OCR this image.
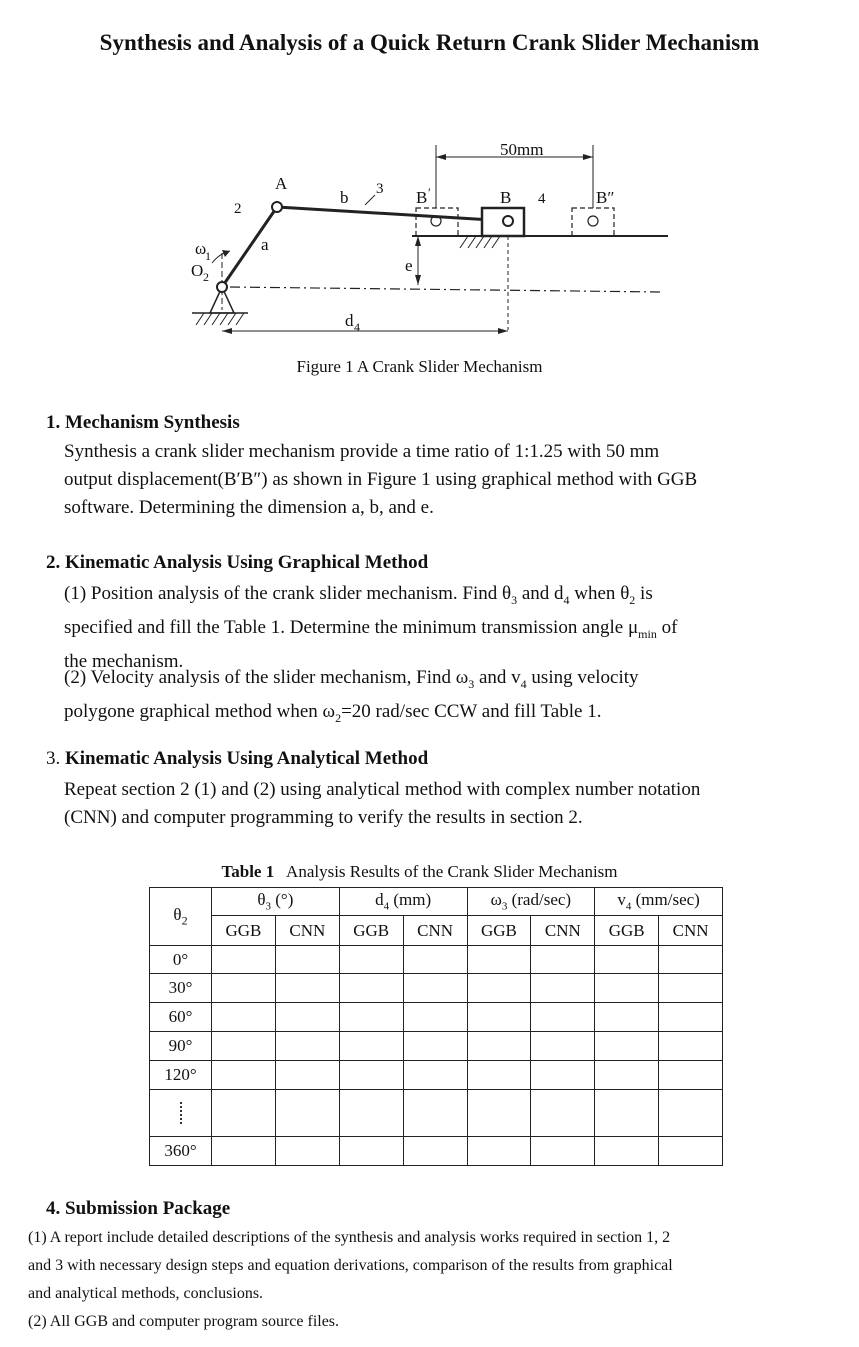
Synthesis and Analysis of a Quick Return Crank Slider Mechanism
50mm
A
b 3
2
a
ω
1
O 2
B ′	B 4	B″
e
d 4
Figure 1 A Crank Slider Mechanism
1. Mechanism Synthesis
Synthesis a crank slider mechanism provide a time ratio of 1:1.25 with 50 mm
output displacement(B′B″) as shown in Figure 1 using graphical method with GGB
software. Determining the dimension a, b, and e.
2. Kinematic Analysis Using Graphical Method
(1) Position analysis of the crank slider mechanism. Find $\theta_3$ and $d_4$ when $\theta_2$ is
specified and fill the Table 1. Determine the minimum transmission angle $\mu_{min}$ of
the mechanism.
(2) Velocity analysis of the slider mechanism, Find $\omega_3$ and $v_4$ using velocity
polygone graphical method when $\omega_2=20$ rad/sec CCW and fill Table 1.
3. Kinematic Analysis Using Analytical Method
Repeat section 2 (1) and (2) using analytical method with complex number notation
(CNN) and computer programming to verify the results in section 2.
Table 1 Analysis Results of the Crank Slider Mechanism
$\theta_2$	$\theta_3$ (°)		$d_4$ (mm)		$\omega_3$ (rad/sec)		$v_4$ (mm/sec)	
	GGB	CNN	GGB	CNN	GGB	CNN	GGB	CNN
0°								
30°								
60°								
90°								
120°								

360°								
4. Submission Package
(1) A report include detailed descriptions of the synthesis and analysis works required in section 1, 2
and 3 with necessary design steps and equation derivations, comparison of the results from graphical
and analytical methods, conclusions.
(2) All GGB and computer program source files.
